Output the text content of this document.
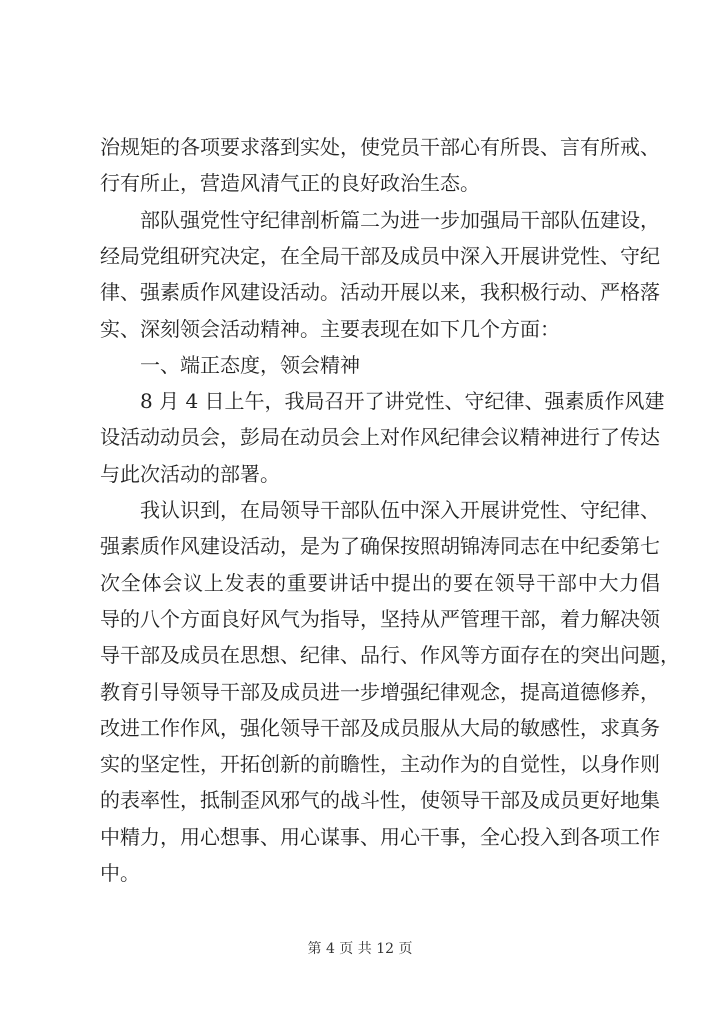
治规矩的各项要求落到实处，使党员干部心有所畏、言有所戒、
行有所止，营造风清气正的良好政治生态。
部队强党性守纪律剖析篇二为进一步加强局干部队伍建设，
经局党组研究决定，在全局干部及成员中深入开展讲党性、守纪
律、强素质作风建设活动。活动开展以来，我积极行动、严格落
实、深刻领会活动精神。主要表现在如下几个方面：
一、端正态度，领会精神
8 月 4 日上午，我局召开了讲党性、守纪律、强素质作风建
设活动动员会，彭局在动员会上对作风纪律会议精神进行了传达
与此次活动的部署。
我认识到，在局领导干部队伍中深入开展讲党性、守纪律、
强素质作风建设活动，是为了确保按照胡锦涛同志在中纪委第七
次全体会议上发表的重要讲话中提出的要在领导干部中大力倡
导的八个方面良好风气为指导，坚持从严管理干部，着力解决领
导干部及成员在思想、纪律、品行、作风等方面存在的突出问题，
教育引导领导干部及成员进一步增强纪律观念，提高道德修养，
改进工作作风，强化领导干部及成员服从大局的敏感性，求真务
实的坚定性，开拓创新的前瞻性，主动作为的自觉性，以身作则
的表率性，抵制歪风邪气的战斗性，使领导干部及成员更好地集
中精力，用心想事、用心谋事、用心干事，全心投入到各项工作
中。
第 4 页 共 12 页
